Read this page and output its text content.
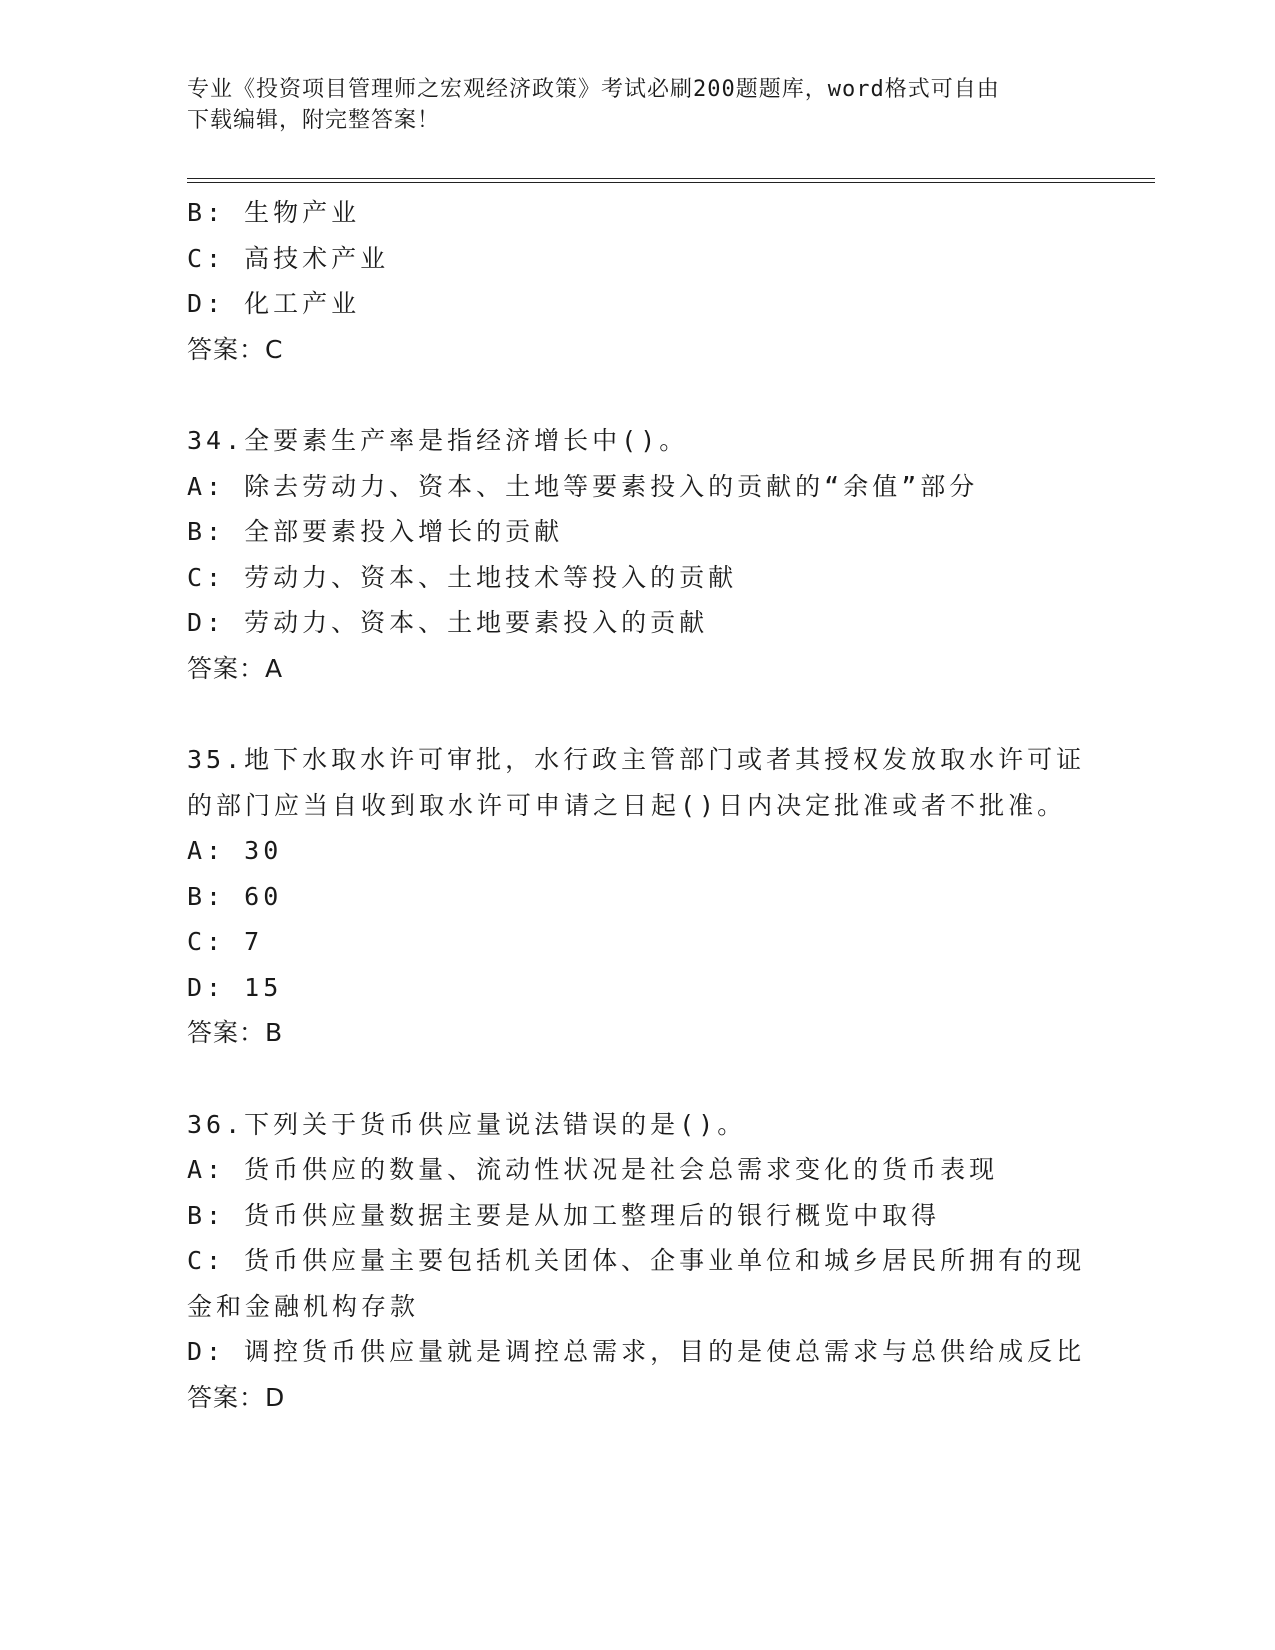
专业《投资项目管理师之宏观经济政策》考试必刷200题题库，word格式可自由
下载编辑，附完整答案！
B: 生物产业
C: 高技术产业
D: 化工产业
答案：C
34.全要素生产率是指经济增长中()。
A: 除去劳动力、资本、土地等要素投入的贡献的“余值”部分
B: 全部要素投入增长的贡献
C: 劳动力、资本、土地技术等投入的贡献
D: 劳动力、资本、土地要素投入的贡献
答案：A
35.地下水取水许可审批，水行政主管部门或者其授权发放取水许可证
的部门应当自收到取水许可申请之日起()日内决定批准或者不批准。
A: 30
B: 60
C: 7
D: 15
答案：B
36.下列关于货币供应量说法错误的是()。
A: 货币供应的数量、流动性状况是社会总需求变化的货币表现
B: 货币供应量数据主要是从加工整理后的银行概览中取得
C: 货币供应量主要包括机关团体、企事业单位和城乡居民所拥有的现
金和金融机构存款
D: 调控货币供应量就是调控总需求，目的是使总需求与总供给成反比
答案：D
